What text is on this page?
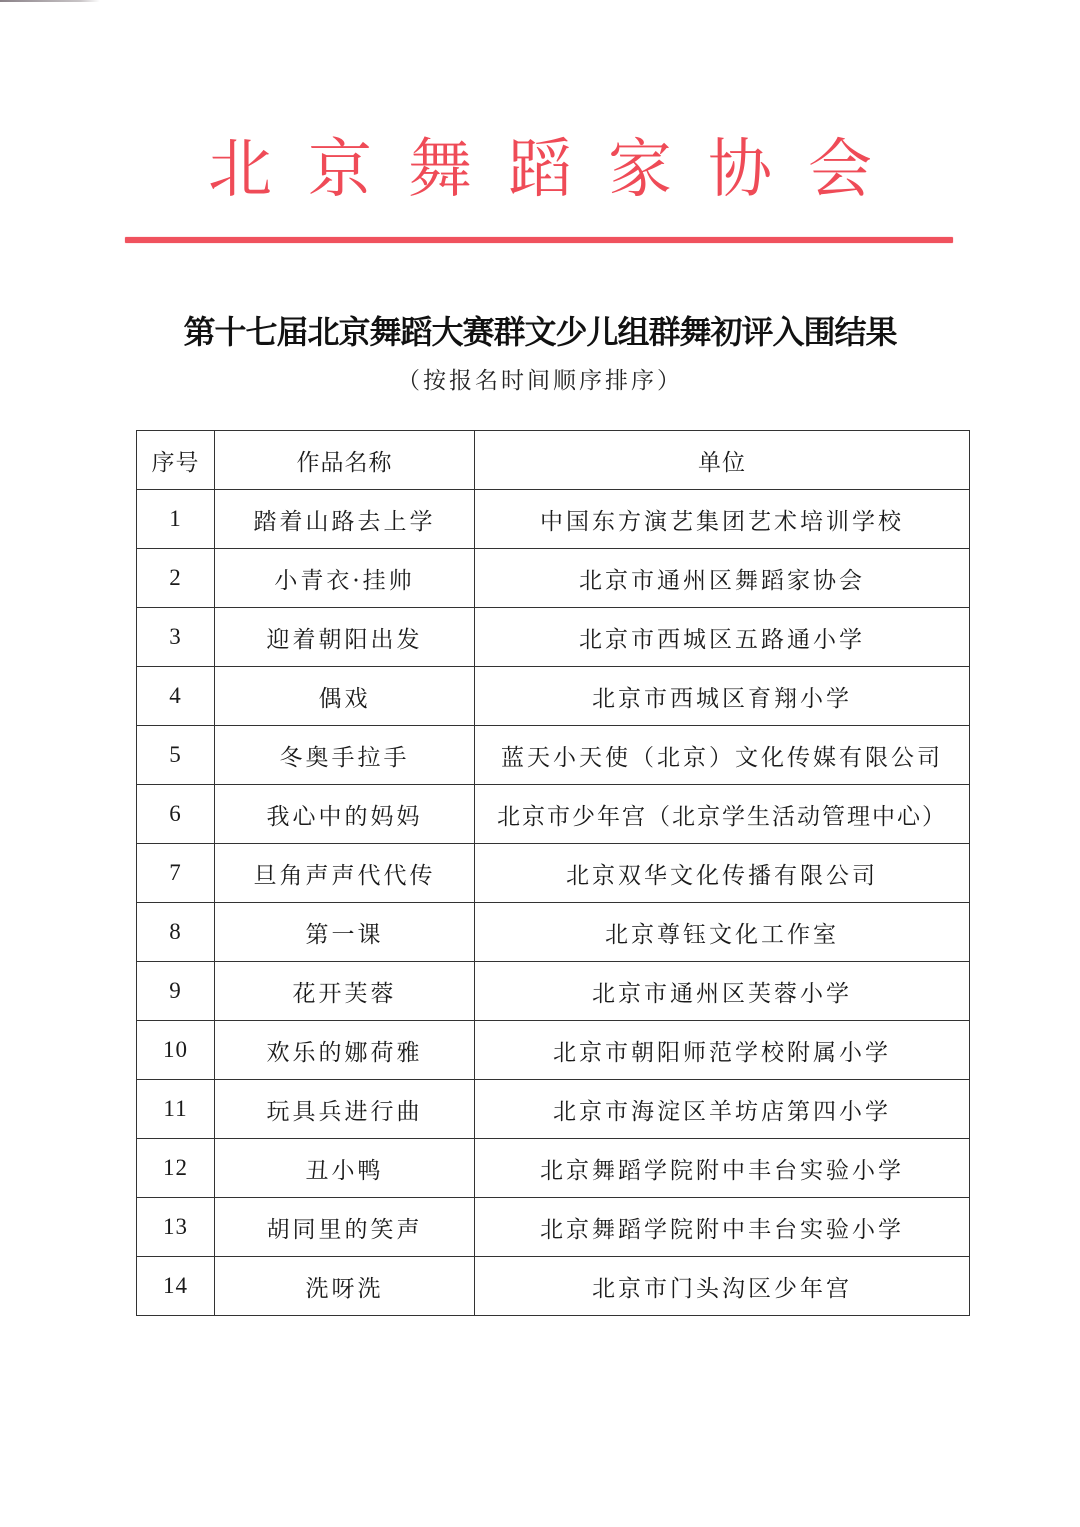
北京舞蹈家协会
第十七届北京舞蹈大赛群文少儿组群舞初评入围结果
（按报名时间顺序排序）
序号	作品名称	单位
1	踏着山路去上学	中国东方演艺集团艺术培训学校
2	小青衣·挂帅	北京市通州区舞蹈家协会
3	迎着朝阳出发	北京市西城区五路通小学
4	偶戏	北京市西城区育翔小学
5	冬奥手拉手	蓝天小天使（北京）文化传媒有限公司
6	我心中的妈妈	北京市少年宫（北京学生活动管理中心）
7	旦角声声代代传	北京双华文化传播有限公司
8	第一课	北京尊钰文化工作室
9	花开芙蓉	北京市通州区芙蓉小学
10	欢乐的娜荷雅	北京市朝阳师范学校附属小学
11	玩具兵进行曲	北京市海淀区羊坊店第四小学
12	丑小鸭	北京舞蹈学院附中丰台实验小学
13	胡同里的笑声	北京舞蹈学院附中丰台实验小学
14	洗呀洗	北京市门头沟区少年宫
